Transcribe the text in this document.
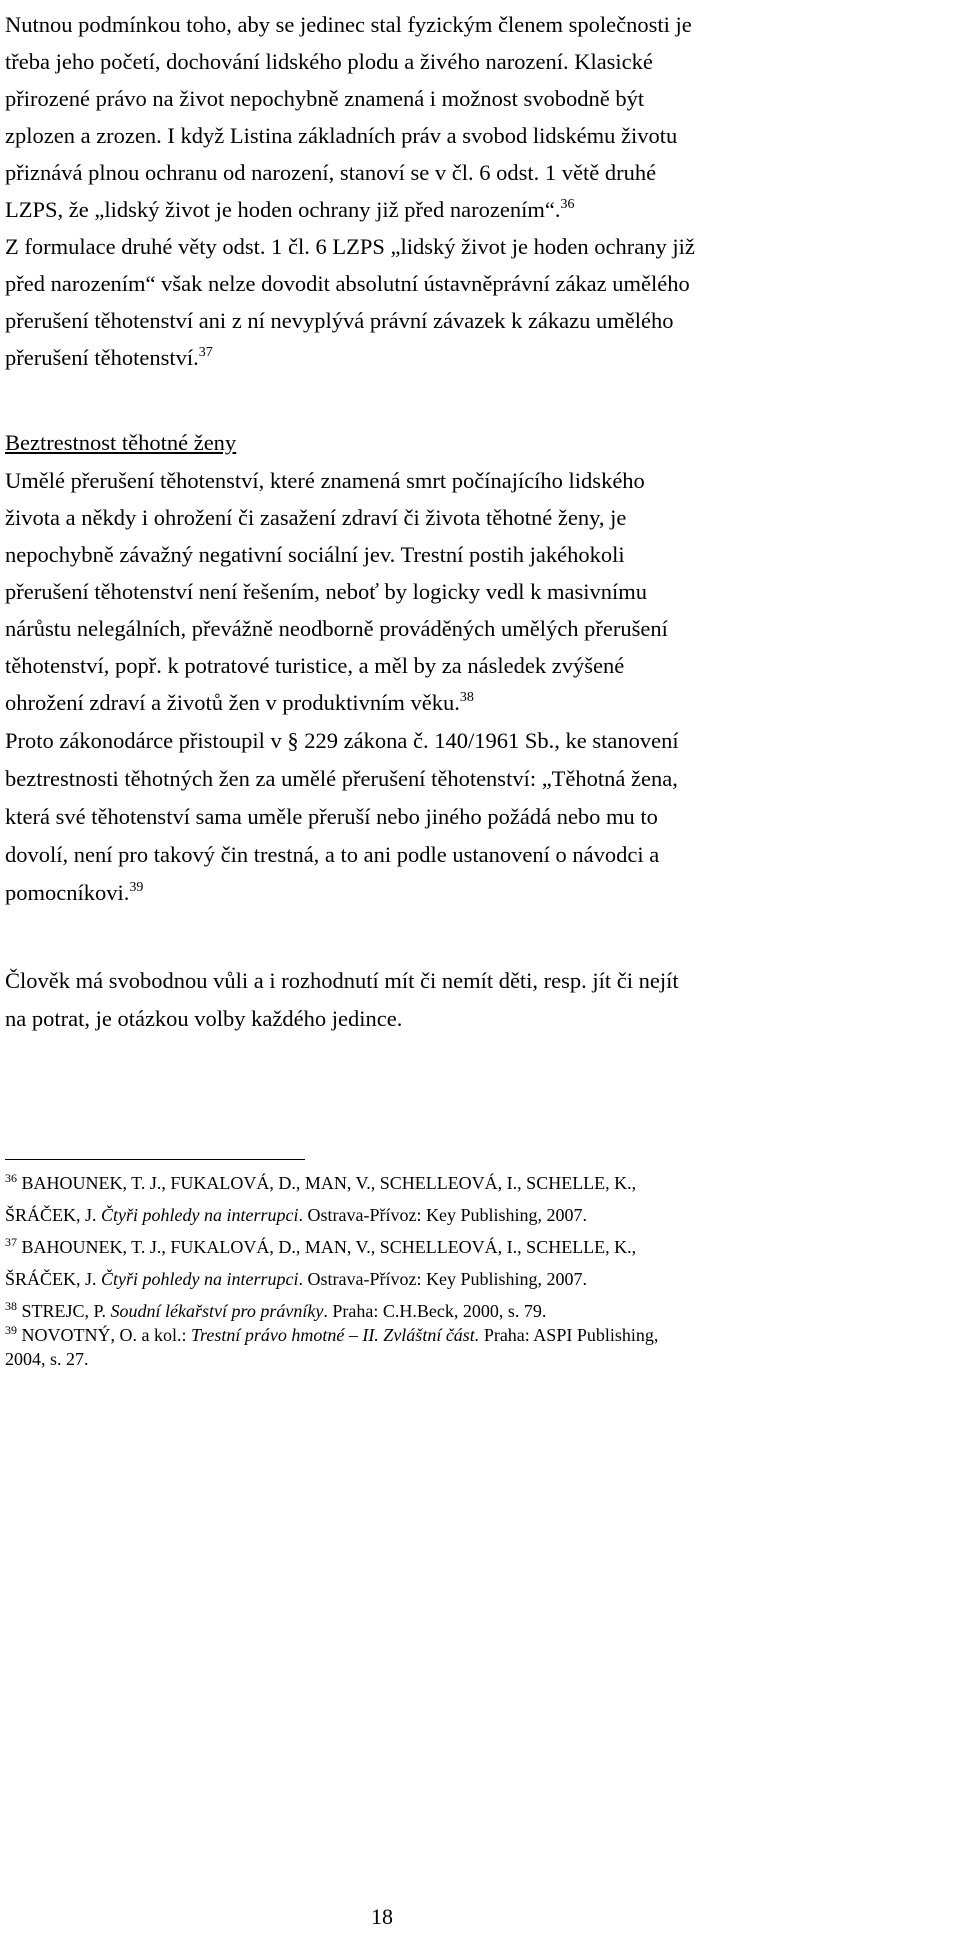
Nutnou podmínkou toho, aby se jedinec stal fyzickým členem společnosti je
třeba jeho početí, dochování lidského plodu a živého narození. Klasické
přirozené právo na život nepochybně znamená i možnost svobodně být
zplozen a zrozen. I když Listina základních práv a svobod lidskému životu
přiznává plnou ochranu od narození, stanoví se v čl. 6 odst. 1 větě druhé
LZPS, že „lidský život je hoden ochrany již před narozením“.$^{36}$
Z formulace druhé věty odst. 1 čl. 6 LZPS „lidský život je hoden ochrany již
před narozením“ však nelze dovodit absolutní ústavněprávní zákaz umělého
přerušení těhotenství ani z ní nevyplývá právní závazek k zákazu umělého
přerušení těhotenství.$^{37}$
Beztrestnost těhotné ženy
Umělé přerušení těhotenství, které znamená smrt počínajícího lidského
života a někdy i ohrožení či zasažení zdraví či života těhotné ženy, je
nepochybně závažný negativní sociální jev. Trestní postih jakéhokoli
přerušení těhotenství není řešením, neboť by logicky vedl k masivnímu
nárůstu nelegálních, převážně neodborně prováděných umělých přerušení
těhotenství, popř. k potratové turistice, a měl by za následek zvýšené
ohrožení zdraví a životů žen v produktivním věku.$^{38}$
Proto zákonodárce přistoupil v § 229 zákona č. 140/1961 Sb., ke stanovení
beztrestnosti těhotných žen za umělé přerušení těhotenství: „Těhotná žena,
která své těhotenství sama uměle přeruší nebo jiného požádá nebo mu to
dovolí, není pro takový čin trestná, a to ani podle ustanovení o návodci a
pomocníkovi.$^{39}$
Člověk má svobodnou vůli a i rozhodnutí mít či nemít děti, resp. jít či nejít
na potrat, je otázkou volby každého jedince.
$^{36}$ BAHOUNEK, T. J., FUKALOVÁ, D., MAN, V., SCHELLEOVÁ, I., SCHELLE, K.,
ŠRÁČEK, J. Čtyři pohledy na interrupci. Ostrava-Přívoz: Key Publishing, 2007.
$^{37}$ BAHOUNEK, T. J., FUKALOVÁ, D., MAN, V., SCHELLEOVÁ, I., SCHELLE, K.,
ŠRÁČEK, J. Čtyři pohledy na interrupci. Ostrava-Přívoz: Key Publishing, 2007.
$^{38}$ STREJC, P. Soudní lékařství pro právníky. Praha: C.H.Beck, 2000, s. 79.
$^{39}$ NOVOTNÝ, O. a kol.: Trestní právo hmotné – II. Zvláštní část. Praha: ASPI Publishing,
2004, s. 27.
18
